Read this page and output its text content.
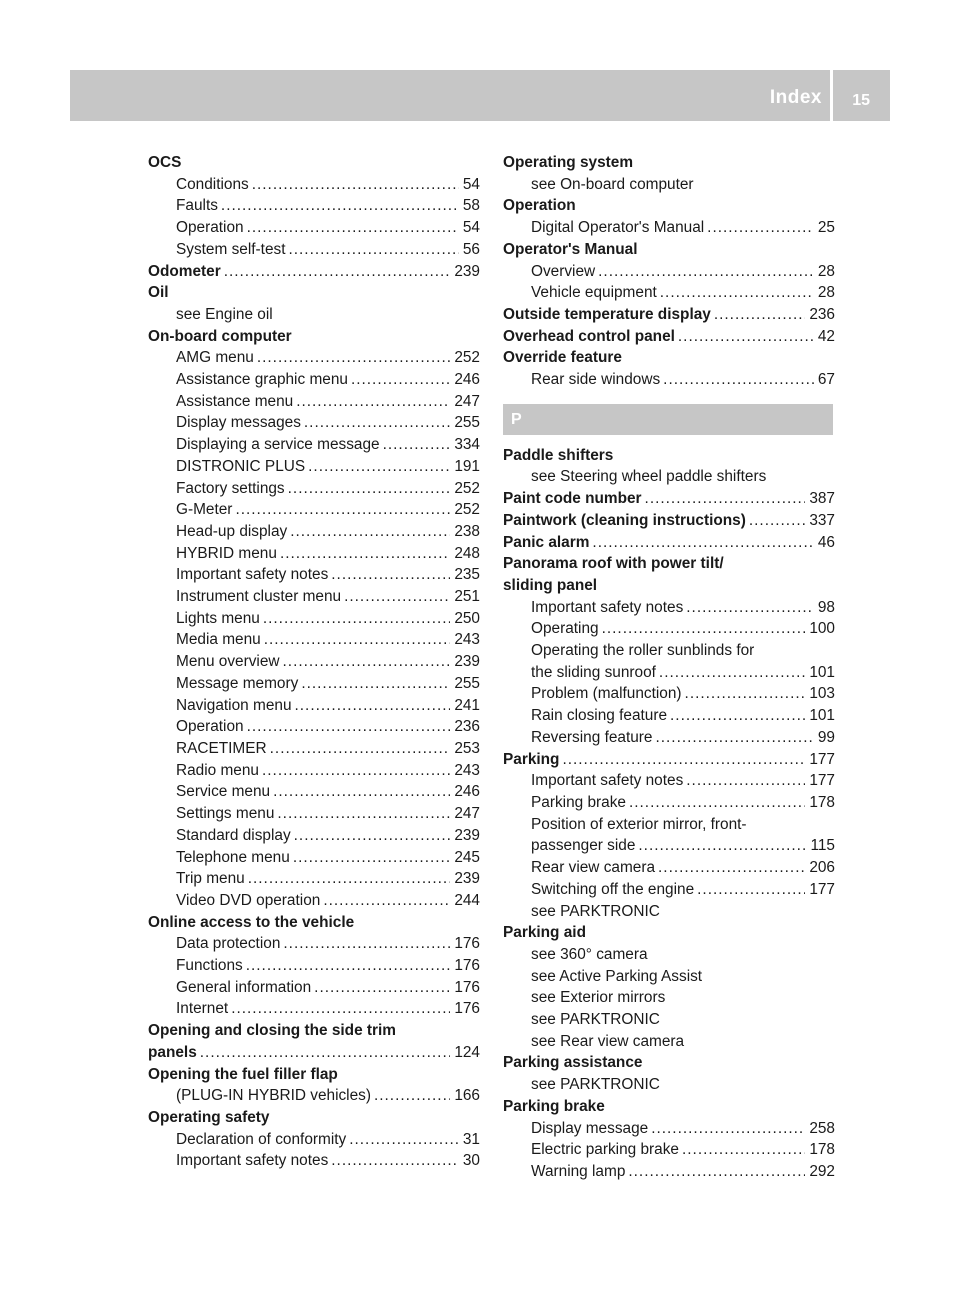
Index 15
OCS
Conditions .....	54
Faults .....	58
Operation .....	54
System self-test .....	56
Odometer .....	239
Oil
see Engine oil
On-board computer
AMG menu .....	252
Assistance graphic menu .....	246
Assistance menu .....	247
Display messages .....	255
Displaying a service message .....	334
DISTRONIC PLUS .....	191
Factory settings .....	252
G-Meter .....	252
Head-up display .....	238
HYBRID menu .....	248
Important safety notes .....	235
Instrument cluster menu .....	251
Lights menu .....	250
Media menu .....	243
Menu overview .....	239
Message memory .....	255
Navigation menu .....	241
Operation .....	236
RACETIMER .....	253
Radio menu .....	243
Service menu .....	246
Settings menu .....	247
Standard display .....	239
Telephone menu .....	245
Trip menu .....	239
Video DVD operation .....	244
Online access to the vehicle
Data protection .....	176
Functions .....	176
General information .....	176
Internet .....	176
Opening and closing the side trim
panels .....	124
Opening the fuel filler flap
(PLUG-IN HYBRID vehicles) .....	166
Operating safety
Declaration of conformity .....	31
Important safety notes .....	30
Operating system
see On-board computer
Operation
Digital Operator's Manual .....	25
Operator's Manual
Overview .....	28
Vehicle equipment .....	28
Outside temperature display .....	236
Overhead control panel .....	42
Override feature
Rear side windows .....	67
P
Paddle shifters
see Steering wheel paddle shifters
Paint code number .....	387
Paintwork (cleaning instructions) .....	337
Panic alarm .....	46
Panorama roof with power tilt/
sliding panel
Important safety notes .....	98
Operating .....	100
Operating the roller sunblinds for
the sliding sunroof .....	101
Problem (malfunction) .....	103
Rain closing feature .....	101
Reversing feature .....	99
Parking .....	177
Important safety notes .....	177
Parking brake .....	178
Position of exterior mirror, front-
passenger side .....	115
Rear view camera .....	206
Switching off the engine .....	177
see PARKTRONIC
Parking aid
see 360° camera
see Active Parking Assist
see Exterior mirrors
see PARKTRONIC
see Rear view camera
Parking assistance
see PARKTRONIC
Parking brake
Display message .....	258
Electric parking brake .....	178
Warning lamp .....	292
